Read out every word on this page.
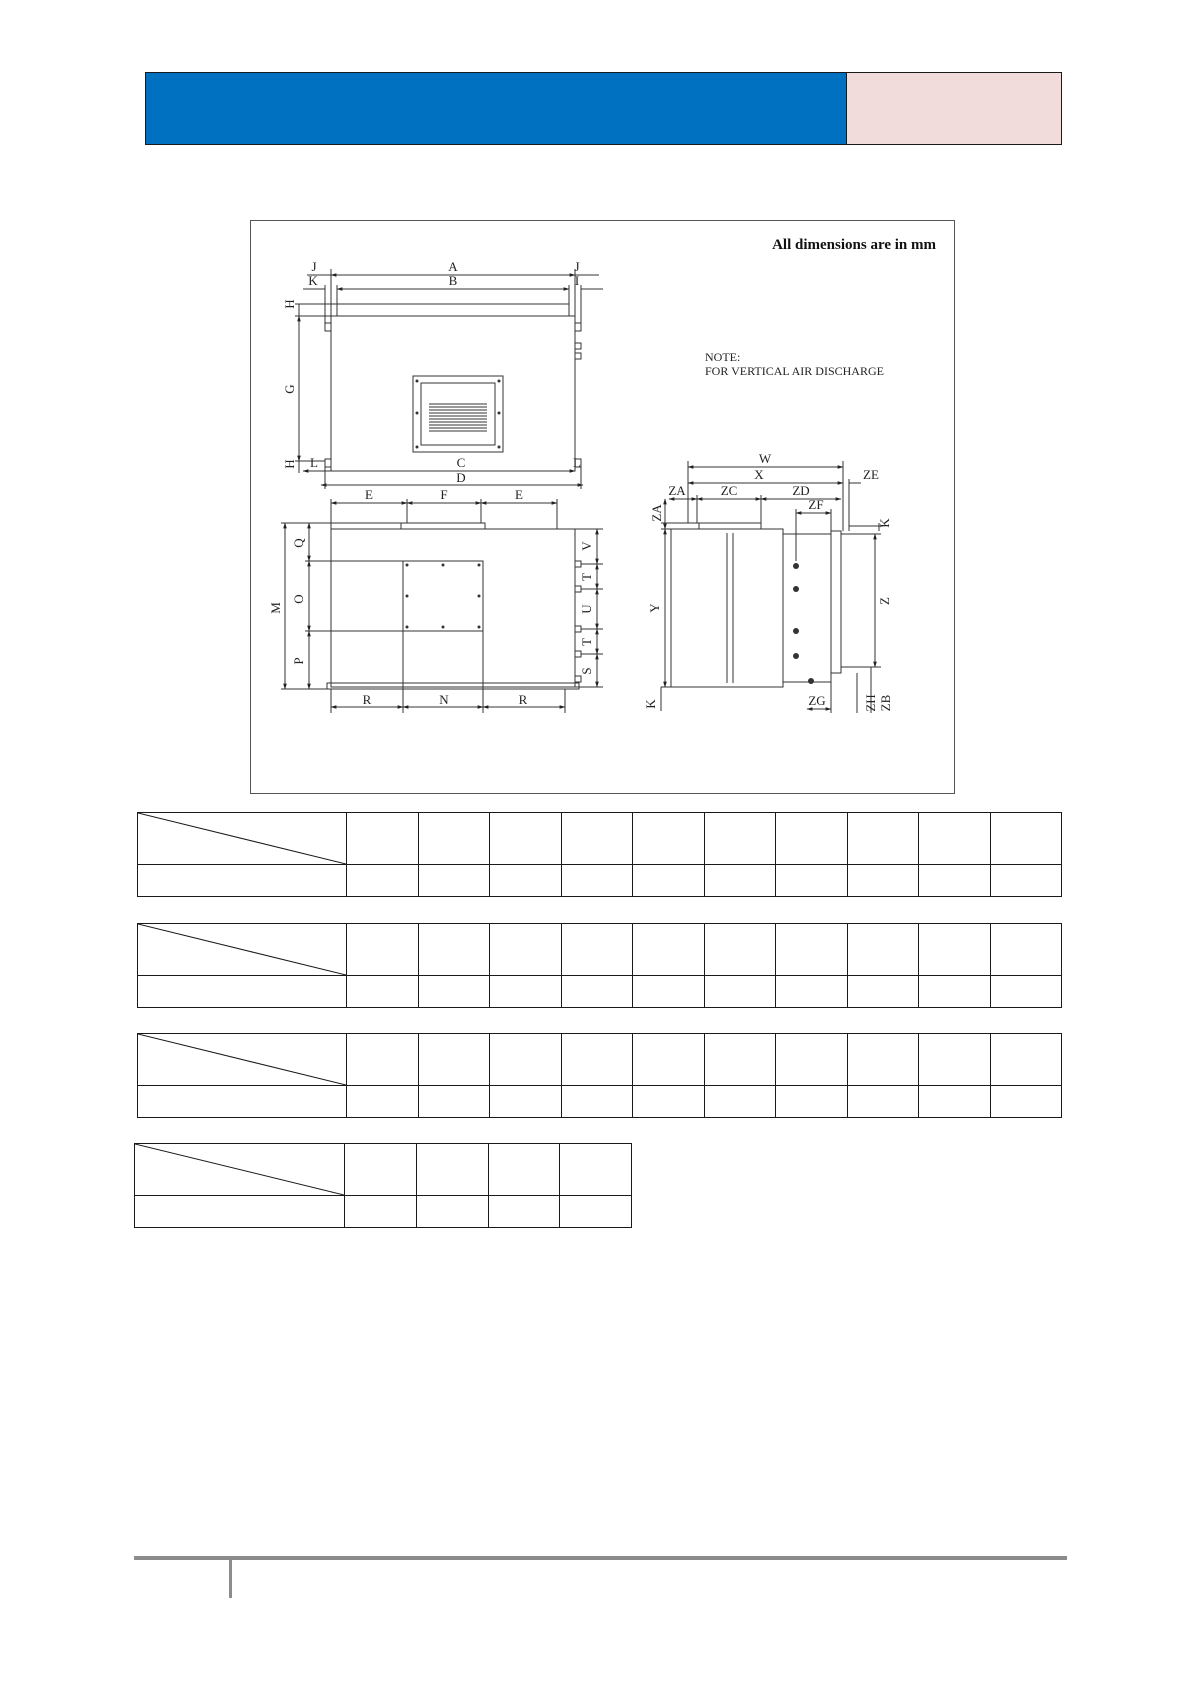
All dimensions are in mm
NOTE:
FOR VERTICAL AIR DISCHARGE
A
B
C
D
E	E
F
G
H
H
I
J	J
K
L	L
M
N
O
P
Q
R	R
S
T
T
U
V
W
X
Y
Z
ZA
ZA
ZB
ZC	ZD
ZE
ZF
ZG	ZH
K
K
